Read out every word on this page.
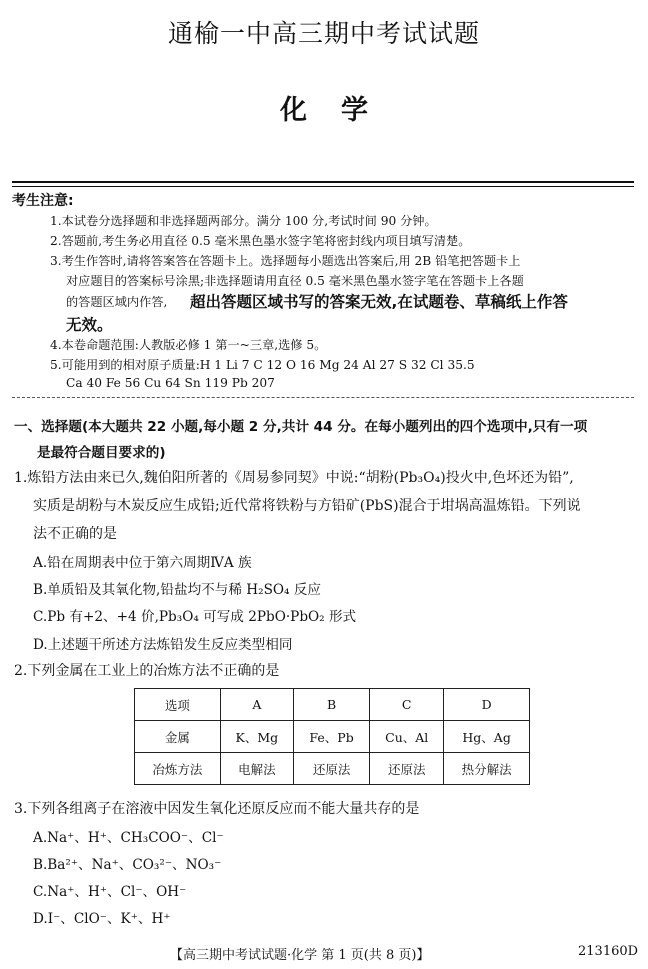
通榆一中高三期中考试试题
化学
考生注意:
1.本试卷分选择题和非选择题两部分。满分 100 分,考试时间 90 分钟。
2.答题前,考生务必用直径 0.5 毫米黑色墨水签字笔将密封线内项目填写清楚。
3.考生作答时,请将答案答在答题卡上。选择题每小题选出答案后,用 2B 铅笔把答题卡上
对应题目的答案标号涂黑;非选择题请用直径 0.5 毫米黑色墨水签字笔在答题卡上各题
的答题区域内作答, 超出答题区域书写的答案无效,在试题卷、草稿纸上作答
无效。
4.本卷命题范围:人教版必修 1 第一~三章,选修 5。
5.可能用到的相对原子质量:H 1 Li 7 C 12 O 16 Mg 24 Al 27 S 32 Cl 35.5
Ca 40 Fe 56 Cu 64 Sn 119 Pb 207
一、选择题(本大题共 22 小题,每小题 2 分,共计 44 分。在每小题列出的四个选项中,只有一项
是最符合题目要求的)
1.炼铅方法由来已久,魏伯阳所著的《周易参同契》中说:“胡粉(Pb₃O₄)投火中,色坏还为铅”,
实质是胡粉与木炭反应生成铅;近代常将铁粉与方铅矿(PbS)混合于坩埚高温炼铅。下列说
法不正确的是
A.铅在周期表中位于第六周期ⅣA 族
B.单质铅及其氧化物,铅盐均不与稀 H₂SO₄ 反应
C.Pb 有+2、+4 价,Pb₃O₄ 可写成 2PbO·PbO₂ 形式
D.上述题干所述方法炼铅发生反应类型相同
2.下列金属在工业上的冶炼方法不正确的是
选项	A	B	C	D
金属	K、Mg	Fe、Pb	Cu、Al	Hg、Ag
冶炼方法	电解法	还原法	还原法	热分解法
3.下列各组离子在溶液中因发生氧化还原反应而不能大量共存的是
A.Na⁺、H⁺、CH₃COO⁻、Cl⁻
B.Ba²⁺、Na⁺、CO₃²⁻、NO₃⁻
C.Na⁺、H⁺、Cl⁻、OH⁻
D.I⁻、ClO⁻、K⁺、H⁺
【高三期中考试试题·化学 第 1 页(共 8 页)】	213160D
